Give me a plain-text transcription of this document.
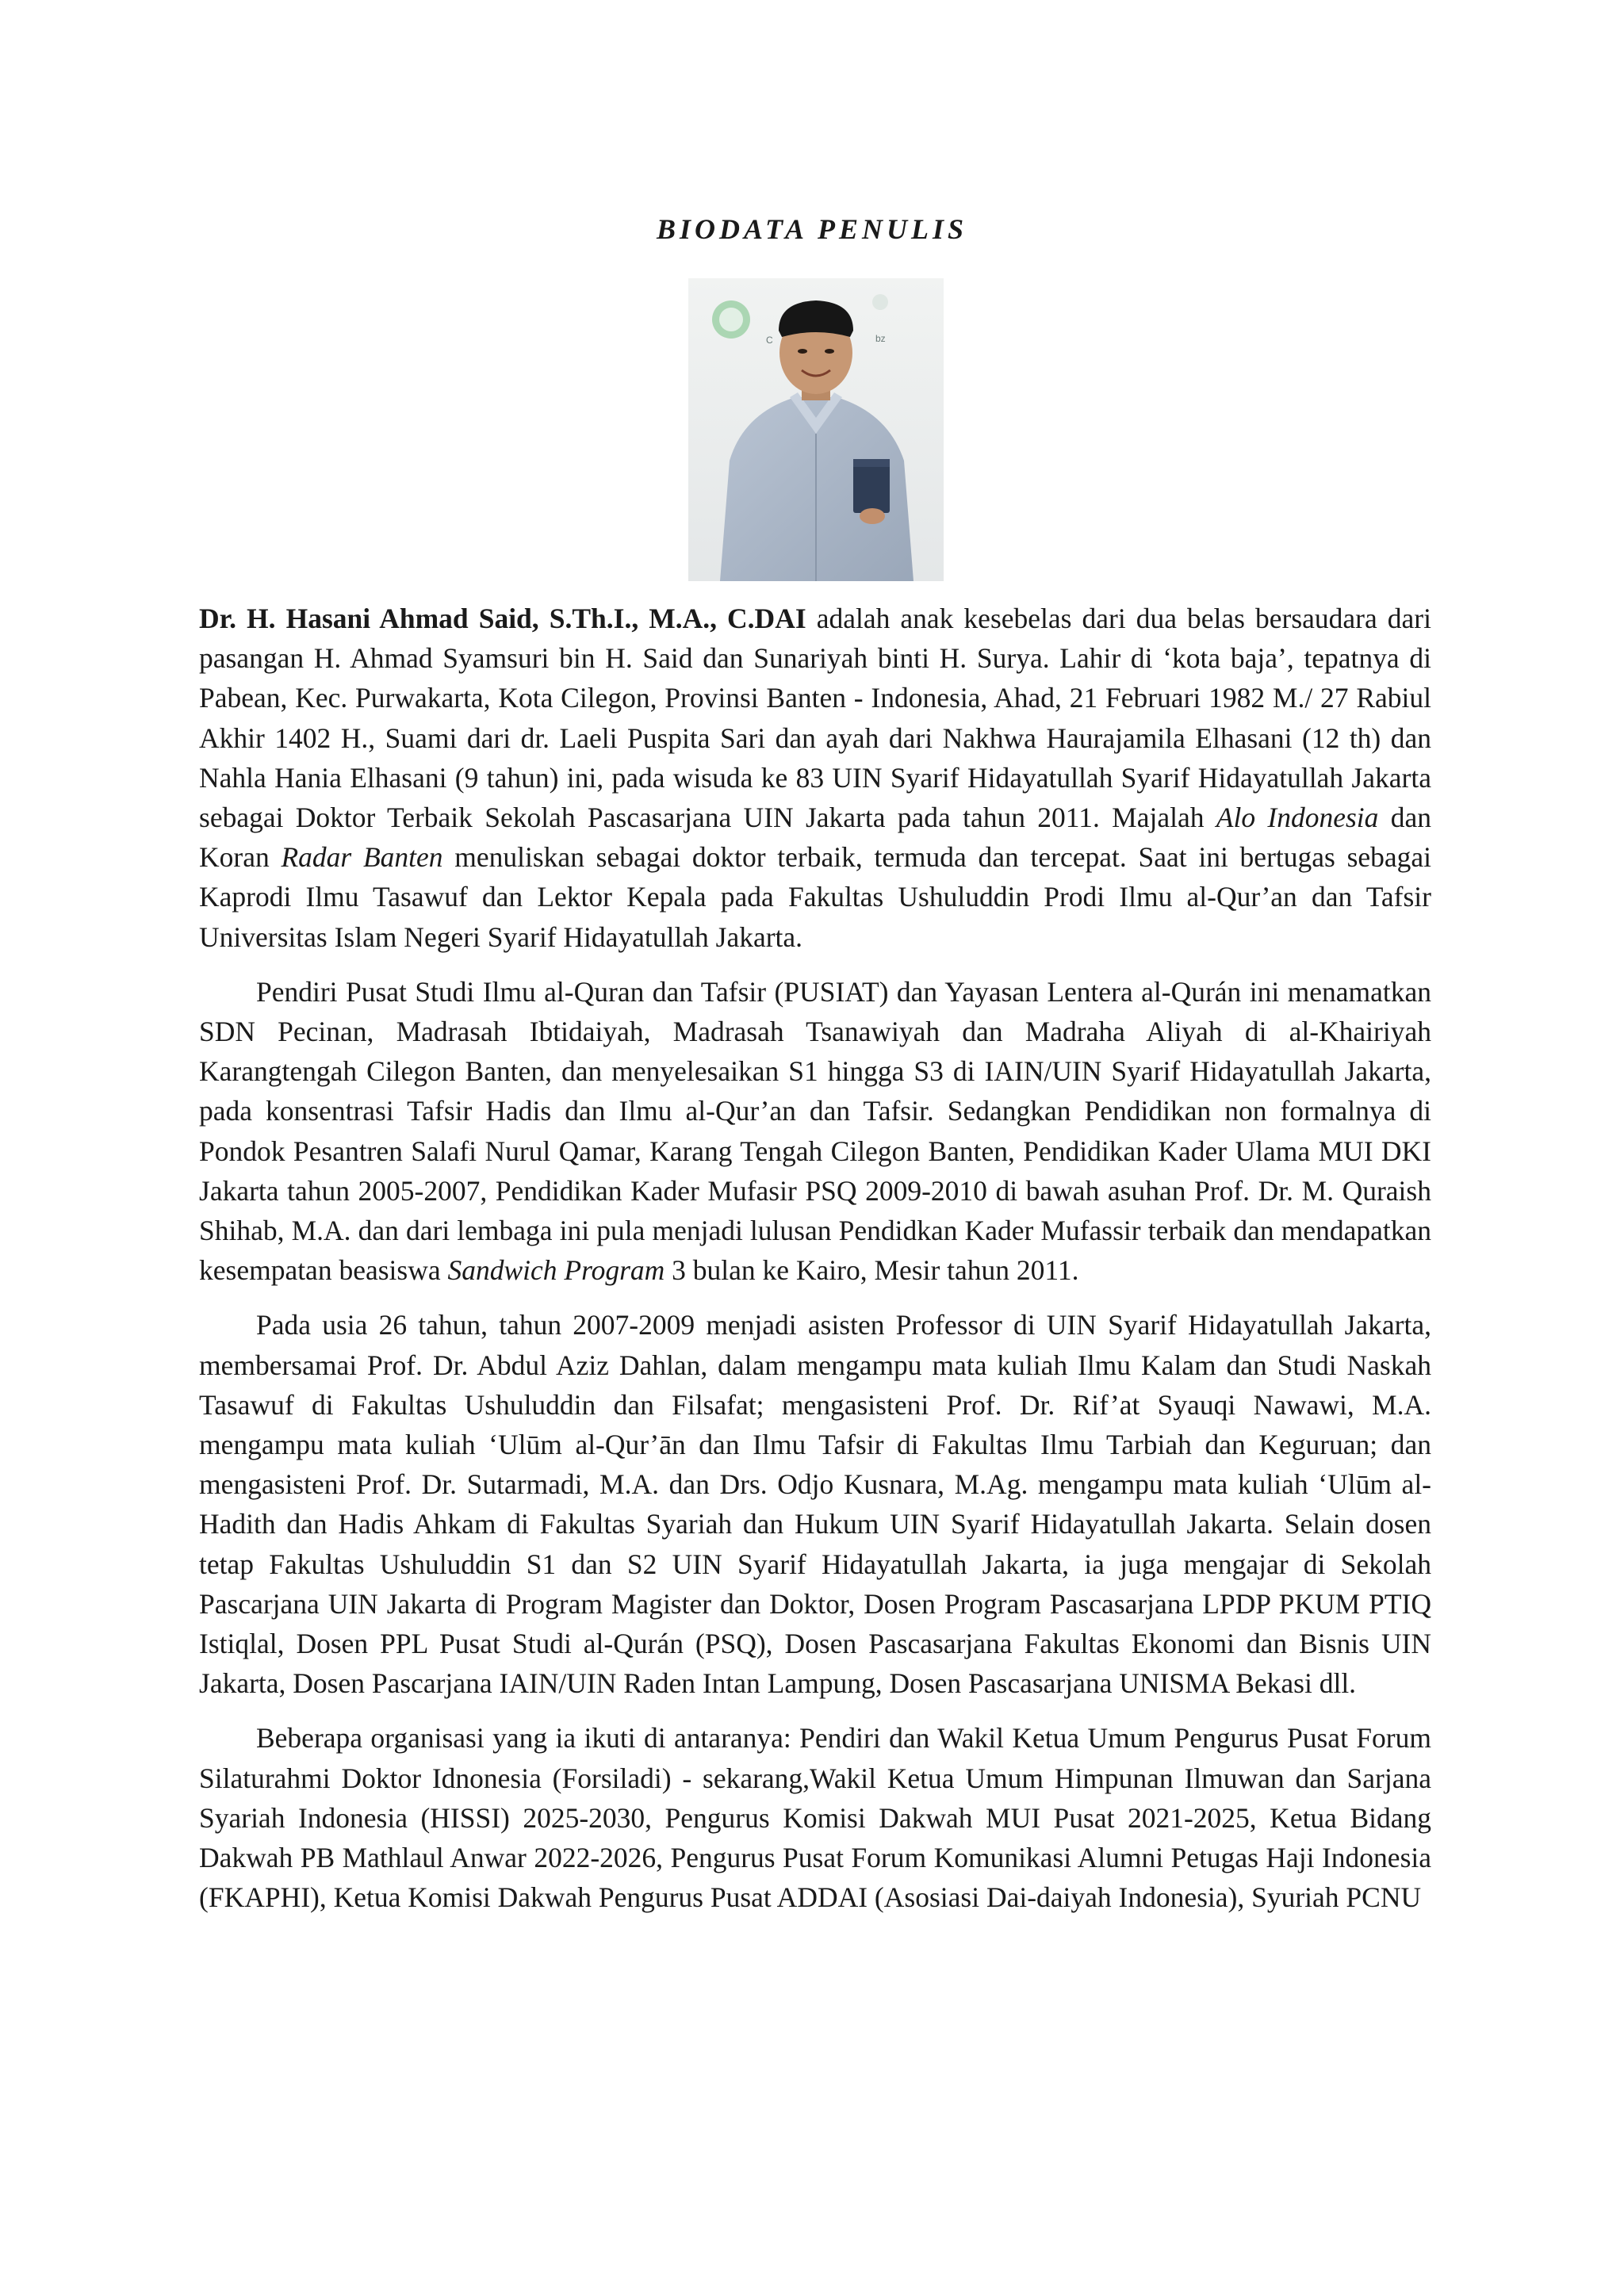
BIODATA PENULIS
C	bz

Dr. H. Hasani Ahmad Said, S.Th.I., M.A., C.DAI adalah anak kesebelas dari dua belas bersaudara dari pasangan H. Ahmad Syamsuri bin H. Said dan Sunariyah binti H. Surya. Lahir di ‘kota baja’, tepatnya di Pabean, Kec. Purwakarta, Kota Cilegon, Provinsi Banten - Indonesia, Ahad, 21 Februari 1982 M./ 27 Rabiul Akhir 1402 H., Suami dari dr. Laeli Puspita Sari dan ayah dari Nakhwa Haurajamila Elhasani (12 th) dan Nahla Hania Elhasani (9 tahun) ini, pada wisuda ke 83 UIN Syarif Hidayatullah Syarif Hidayatullah Jakarta sebagai Doktor Terbaik Sekolah Pascasarjana UIN Jakarta pada tahun 2011. Majalah Alo Indonesia dan Koran Radar Banten menuliskan sebagai doktor terbaik, termuda dan tercepat. Saat ini bertugas sebagai Kaprodi Ilmu Tasawuf dan Lektor Kepala pada Fakultas Ushuluddin Prodi Ilmu al-Qur’an dan Tafsir Universitas Islam Negeri Syarif Hidayatullah Jakarta.

Pendiri Pusat Studi Ilmu al-Quran dan Tafsir (PUSIAT) dan Yayasan Lentera al-Qurán ini menamatkan SDN Pecinan, Madrasah Ibtidaiyah, Madrasah Tsanawiyah dan Madraha Aliyah di al-Khairiyah Karangtengah Cilegon Banten, dan menyelesaikan S1 hingga S3 di IAIN/UIN Syarif Hidayatullah Jakarta, pada konsentrasi Tafsir Hadis dan Ilmu al-Qur’an dan Tafsir. Sedangkan Pendidikan non formalnya di Pondok Pesantren Salafi Nurul Qamar, Karang Tengah Cilegon Banten, Pendidikan Kader Ulama MUI DKI Jakarta tahun 2005-2007, Pendidikan Kader Mufasir PSQ 2009-2010 di bawah asuhan Prof. Dr. M. Quraish Shihab, M.A. dan dari lembaga ini pula menjadi lulusan Pendidkan Kader Mufassir terbaik dan mendapatkan kesempatan beasiswa Sandwich Program 3 bulan ke Kairo, Mesir tahun 2011.

Pada usia 26 tahun, tahun 2007-2009 menjadi asisten Professor di UIN Syarif Hidayatullah Jakarta, membersamai Prof. Dr. Abdul Aziz Dahlan, dalam mengampu mata kuliah Ilmu Kalam dan Studi Naskah Tasawuf di Fakultas Ushuluddin dan Filsafat; mengasisteni Prof. Dr. Rif’at Syauqi Nawawi, M.A. mengampu mata kuliah ‘Ulūm al-Qur’ān dan Ilmu Tafsir di Fakultas Ilmu Tarbiah dan Keguruan; dan mengasisteni Prof. Dr. Sutarmadi, M.A. dan Drs. Odjo Kusnara, M.Ag. mengampu mata kuliah ‘Ulūm al-Hadith dan Hadis Ahkam di Fakultas Syariah dan Hukum UIN Syarif Hidayatullah Jakarta. Selain dosen tetap Fakultas Ushuluddin S1 dan S2 UIN Syarif Hidayatullah Jakarta, ia juga mengajar di Sekolah Pascarjana UIN Jakarta di Program Magister dan Doktor, Dosen Program Pascasarjana LPDP PKUM PTIQ Istiqlal, Dosen PPL Pusat Studi al-Qurán (PSQ), Dosen Pascasarjana Fakultas Ekonomi dan Bisnis UIN Jakarta, Dosen Pascarjana IAIN/UIN Raden Intan Lampung, Dosen Pascasarjana UNISMA Bekasi dll.

Beberapa organisasi yang ia ikuti di antaranya: Pendiri dan Wakil Ketua Umum Pengurus Pusat Forum Silaturahmi Doktor Idnonesia (Forsiladi) - sekarang,Wakil Ketua Umum Himpunan Ilmuwan dan Sarjana Syariah Indonesia (HISSI) 2025-2030, Pengurus Komisi Dakwah MUI Pusat 2021-2025, Ketua Bidang Dakwah PB Mathlaul Anwar 2022-2026, Pengurus Pusat Forum Komunikasi Alumni Petugas Haji Indonesia (FKAPHI), Ketua Komisi Dakwah Pengurus Pusat ADDAI (Asosiasi Dai-daiyah Indonesia), Syuriah PCNU
